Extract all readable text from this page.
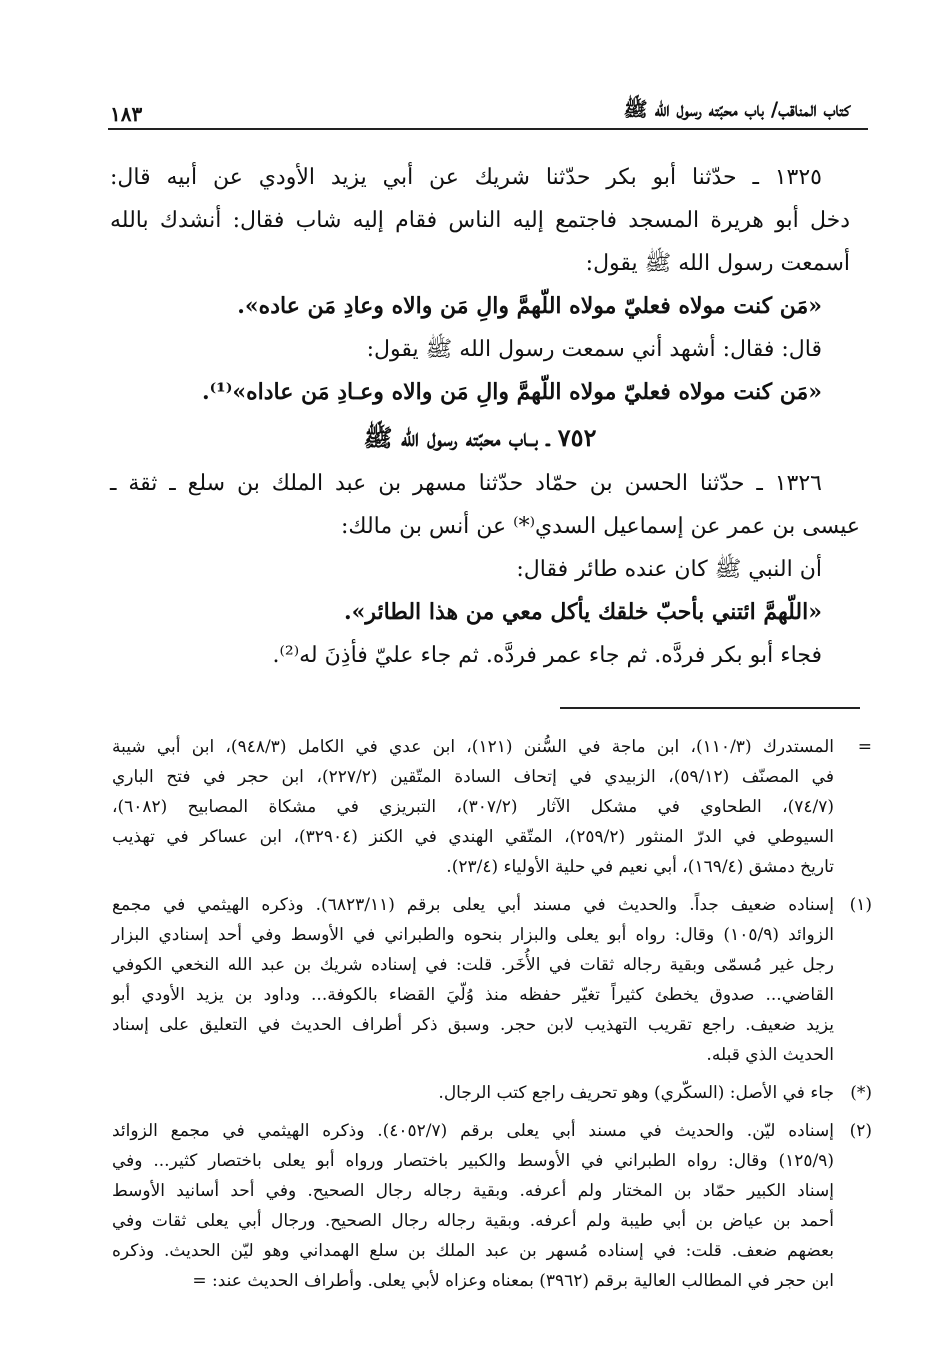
كتاب المناقب/ باب محبّته رسول الله ﷺ
١٨٣
١٣٢٥ ـ حدّثنا أبو بكر حدّثنا شريك عن أبي يزيد الأودي عن أبيه قال:
دخل أبو هريرة المسجد فاجتمع إليه الناس فقام إليه شاب فقال: أنشدك بالله
أسمعت رسول الله ﷺ يقول:
«مَن كنت مولاه فعليّ مولاه اللّهمَّ والِ مَن والاه وعادِ مَن عاده».
قال: فقال: أشهد أني سمعت رسول الله ﷺ يقول:
«مَن كنت مولاه فعليّ مولاه اللّهمَّ والِ مَن والاه وعـادِ مَن عاداه»⁽¹⁾.
٧٥٢ ـ بــاب محبّته رسول الله ﷺ
١٣٢٦ ـ حدّثنا الحسن بن حمّاد حدّثنا مسهر بن عبد الملك بن سلع ـ ثقة ـ
عيسى بن عمر عن إسماعيل السدي⁽*⁾ عن أنس بن مالك:
أن النبي ﷺ كان عنده طائر فقال:
«اللّهمَّ ائتني بأحبّ خلقك يأكل معي من هذا الطائر».
فجاء أبو بكر فردَّه. ثم جاء عمر فردَّه. ثم جاء عليّ فأذِنَ له⁽²⁾.
=
المستدرك (١١٠/٣)، ابن ماجة في السُّنن (١٢١)، ابن عدي في الكامل (٩٤٨/٣)، ابن أبي شيبة
في المصنّف (٥٩/١٢)، الزبيدي في إتحاف السادة المتّقين (٢٢٧/٢)، ابن حجر في فتح الباري
(٧٤/٧)، الطحاوي في مشكل الآثار (٣٠٧/٢)، التبريزي في مشكاة المصابيح (٦٠٨٢)،
السيوطي في الدرّ المنثور (٢٥٩/٢)، المتّقي الهندي في الكنز (٣٢٩٠٤)، ابن عساكر في تهذيب
تاريخ دمشق (١٦٩/٤)، أبي نعيم في حلية الأولياء (٢٣/٤).
(١)
إسناده ضعيف جداً. والحديث في مسند أبي يعلى برقم (٦٨٢٣/١١). وذكره الهيثمي في مجمع
الزوائد (١٠٥/٩) وقال: رواه أبو يعلى والبزار بنحوه والطبراني في الأوسط وفي أحد إسنادي البزار
رجل غير مُسمّى وبقية رجاله ثقات في الأُخَر. قلت: في إسناده شريك بن عبد الله النخعي الكوفي
القاضي... صدوق يخطئ كثيراً تغيّر حفظه منذ وُلّيَ القضاء بالكوفة... وداود بن يزيد الأودي أبو
يزيد ضعيف. راجع تقريب التهذيب لابن حجر. وسبق ذكر أطراف الحديث في التعليق على إسناد
الحديث الذي قبله.
(*)
جاء في الأصل: (السكّري) وهو تحريف راجع كتب الرجال.
(٢)
إسناده ليّن. والحديث في مسند أبي يعلى برقم (٤٠٥٢/٧). وذكره الهيثمي في مجمع الزوائد
(١٢٥/٩) وقال: رواه الطبراني في الأوسط والكبير باختصار ورواه أبو يعلى باختصار كثير... وفي
إسناد الكبير حمّاد بن المختار ولم أعرفه. وبقية رجاله رجال الصحيح. وفي أحد أسانيد الأوسط
أحمد بن عياض بن أبي طيبة ولم أعرفه. وبقية رجاله رجال الصحيح. ورجال أبي يعلى ثقات وفي
بعضهم ضعف. قلت: في إسناده مُسهر بن عبد الملك بن سلع الهمداني وهو ليّن الحديث. وذكره
ابن حجر في المطالب العالية برقم (٣٩٦٢) بمعناه وعزاه لأبي يعلى. وأطراف الحديث عند: =
